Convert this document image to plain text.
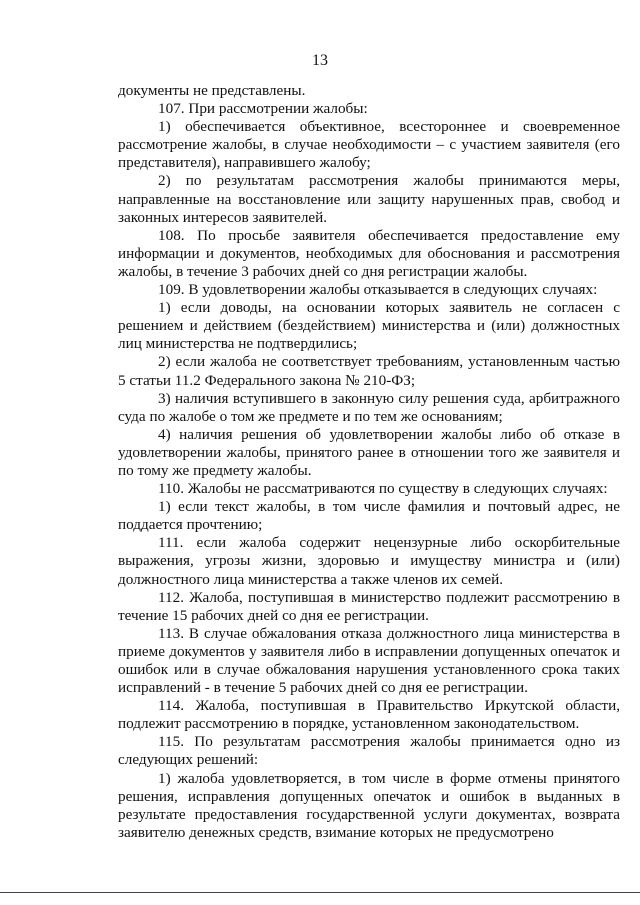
13

документы не представлены.

107. При рассмотрении жалобы:

1) обеспечивается объективное, всестороннее и своевременное рассмотрение жалобы, в случае необходимости – с участием заявителя (его представителя), направившего жалобу;

2) по результатам рассмотрения жалобы принимаются меры, направленные на восстановление или защиту нарушенных прав, свобод и законных интересов заявителей.

108. По просьбе заявителя обеспечивается предоставление ему информации и документов, необходимых для обоснования и рассмотрения жалобы, в течение 3 рабочих дней со дня регистрации жалобы.

109. В удовлетворении жалобы отказывается в следующих случаях:

1) если доводы, на основании которых заявитель не согласен с решением и действием (бездействием) министерства и (или) должностных лиц министерства не подтвердились;

2) если жалоба не соответствует требованиям, установленным частью 5 статьи 11.2 Федерального закона № 210-ФЗ;

3) наличия вступившего в законную силу решения суда, арбитражного суда по жалобе о том же предмете и по тем же основаниям;

4) наличия решения об удовлетворении жалобы либо об отказе в удовлетворении жалобы, принятого ранее в отношении того же заявителя и по тому же предмету жалобы.

110. Жалобы не рассматриваются по существу в следующих случаях:

1) если текст жалобы, в том числе фамилия и почтовый адрес, не поддается прочтению;

111. если жалоба содержит нецензурные либо оскорбительные выражения, угрозы жизни, здоровью и имуществу министра и (или) должностного лица министерства а также членов их семей.

112. Жалоба, поступившая в министерство подлежит рассмотрению в течение 15 рабочих дней со дня ее регистрации.

113. В случае обжалования отказа должностного лица министерства в приеме документов у заявителя либо в исправлении допущенных опечаток и ошибок или в случае обжалования нарушения установленного срока таких исправлений - в течение 5 рабочих дней со дня ее регистрации.

114. Жалоба, поступившая в Правительство Иркутской области, подлежит рассмотрению в порядке, установленном законодательством.

115. По результатам рассмотрения жалобы принимается одно из следующих решений:

1) жалоба удовлетворяется, в том числе в форме отмены принятого решения, исправления допущенных опечаток и ошибок в выданных в результате предоставления государственной услуги документах, возврата заявителю денежных средств, взимание которых не предусмотрено
